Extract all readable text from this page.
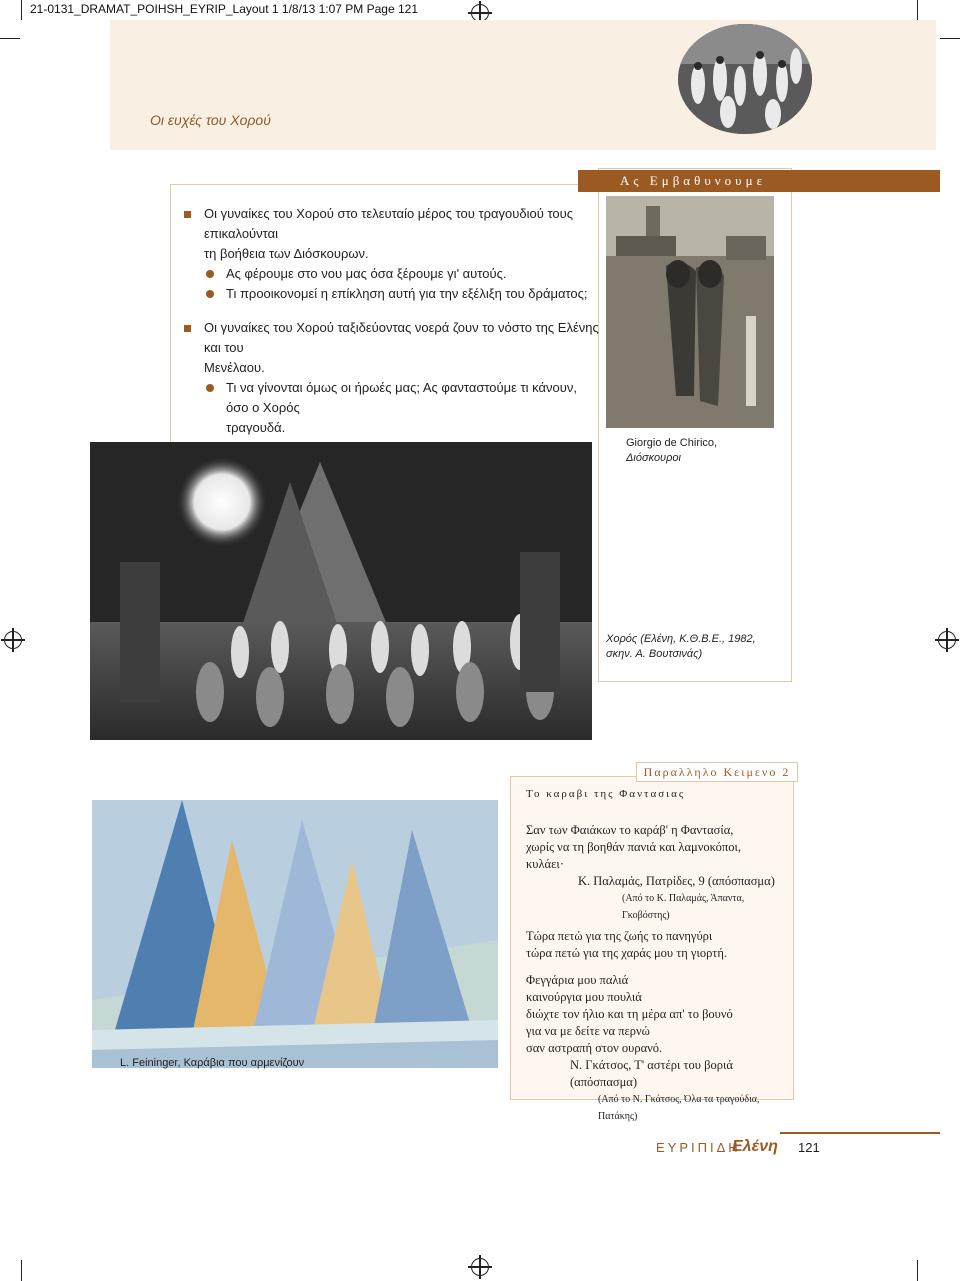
21-0131_DRAMAT_POIHSH_EYRIP_Layout 1 1/8/13 1:07 PM Page 121
Οι ευχές του Χορού
Ας Εμβαθυνουμε
Οι γυναίκες του Χορού στο τελευταίο μέρος του τραγουδιού τους επικαλούνται
τη βοήθεια των Διόσκουρων.
Ας φέρουμε στο νου μας όσα ξέρουμε γι' αυτούς.
Τι προοικονομεί η επίκληση αυτή για την εξέλιξη του δράματος;
Οι γυναίκες του Χορού ταξιδεύοντας νοερά ζουν το νόστο της Ελένης και του
Μενέλαου.
Τι να γίνονται όμως οι ήρωές μας; Ας φανταστούμε τι κάνουν, όσο ο Χορός
τραγουδά.
Giorgio de Chirico,
Διόσκουροι
Χορός (Ελένη, Κ.Θ.Β.Ε., 1982,
σκην. Α. Βουτσινάς)
L. Feininger, Καράβια που αρμενίζουν
Παραλληλο Κειμενο 2
Το καραβι της Φαντασιας
Σαν των Φαιάκων το καράβ' η Φαντασία,
χωρίς να τη βοηθάν πανιά και λαμνοκόποι,
κυλάει·
Κ. Παλαμάς, Πατρίδες, 9 (απόσπασμα)
(Από το Κ. Παλαμάς, Άπαντα, Γκοβόστης)
Τώρα πετώ για της ζωής το πανηγύρι
τώρα πετώ για της χαράς μου τη γιορτή.
Φεγγάρια μου παλιά
καινούργια μου πουλιά
διώχτε τον ήλιο και τη μέρα απ' το βουνό
για να με δείτε να περνώ
σαν αστραπή στον ουρανό.
Ν. Γκάτσος, Τ' αστέρι του βοριά (απόσπασμα)
(Από το Ν. Γκάτσος, Όλα τα τραγούδια, Πατάκης)
ΕΥΡΙΠΙΔΗ
Ελένη 121
